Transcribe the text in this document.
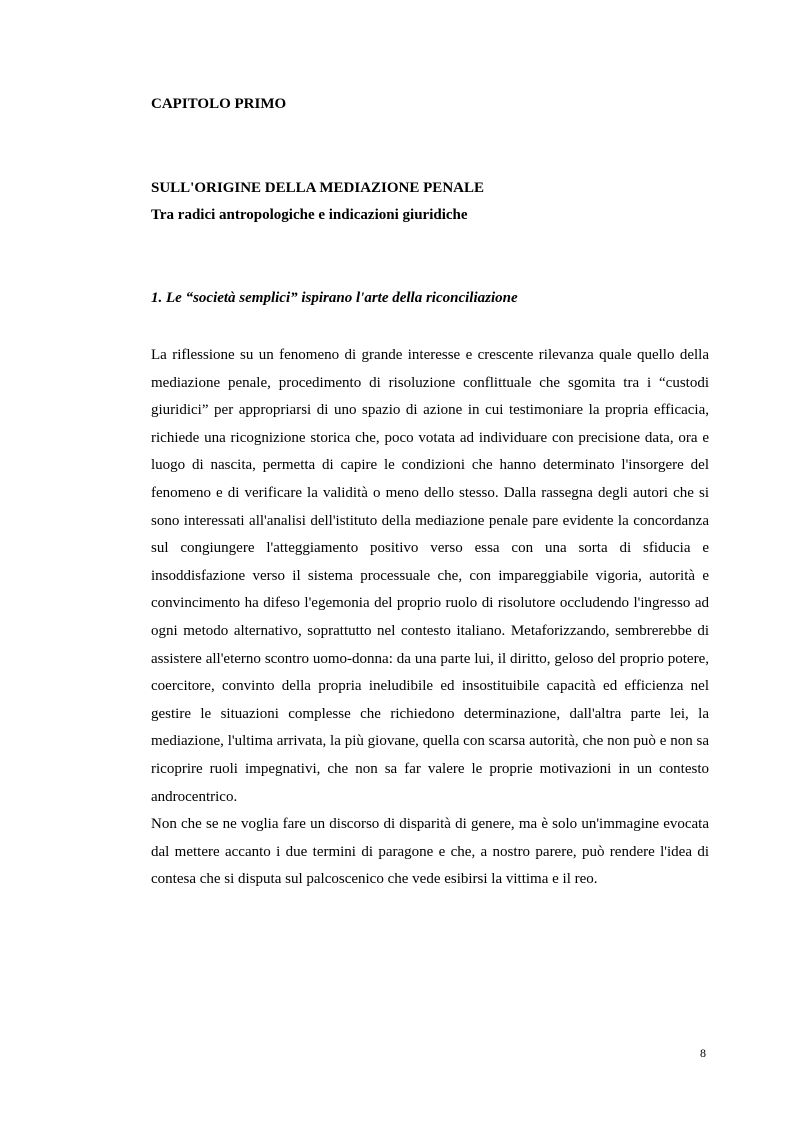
CAPITOLO PRIMO
SULL'ORIGINE DELLA MEDIAZIONE PENALE
Tra radici antropologiche e indicazioni giuridiche
1. Le “società semplici” ispirano l'arte della riconciliazione

La riflessione su un fenomeno di grande interesse e crescente rilevanza quale quello della mediazione penale, procedimento di risoluzione conflittuale che sgomita tra i “custodi giuridici” per appropriarsi di uno spazio di azione in cui testimoniare la propria efficacia, richiede una ricognizione storica che, poco votata ad individuare con precisione data, ora e luogo di nascita, permetta di capire le condizioni che hanno determinato l'insorgere del fenomeno e di verificare la validità o meno dello stesso. Dalla rassegna degli autori che si sono interessati all'analisi dell'istituto della mediazione penale pare evidente la concordanza sul congiungere l'atteggiamento positivo verso essa con una sorta di sfiducia e insoddisfazione verso il sistema processuale che, con impareggiabile vigoria, autorità e convincimento ha difeso l'egemonia del proprio ruolo di risolutore occludendo l'ingresso ad ogni metodo alternativo, soprattutto nel contesto italiano. Metaforizzando, sembrerebbe di assistere all'eterno scontro uomo-donna: da una parte lui, il diritto, geloso del proprio potere, coercitore, convinto della propria ineludibile ed insostituibile capacità ed efficienza nel gestire le situazioni complesse che richiedono determinazione, dall'altra parte lei, la mediazione, l'ultima arrivata, la più giovane, quella con scarsa autorità, che non può e non sa ricoprire ruoli impegnativi, che non sa far valere le proprie motivazioni in un contesto androcentrico.

Non che se ne voglia fare un discorso di disparità di genere, ma è solo un'immagine evocata dal mettere accanto i due termini di paragone e che, a nostro parere, può rendere l'idea di contesa che si disputa sul palcoscenico che vede esibirsi la vittima e il reo.

8
